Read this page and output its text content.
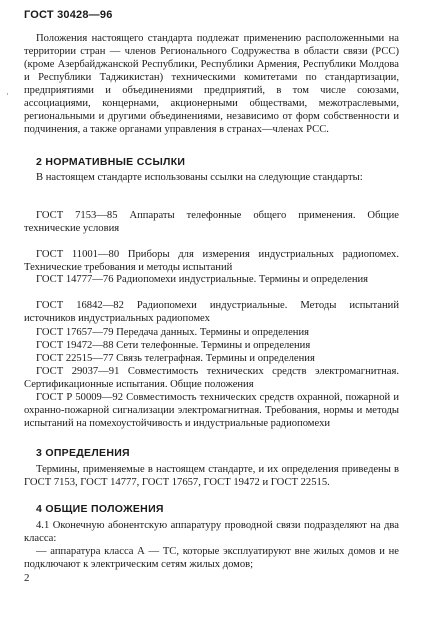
ГОСТ 30428—96
·

Положения настоящего стандарта подлежат применению расположенными на территории стран — членов Регионального Содружества в области связи (РСС) (кроме Азербайджанской Республики, Республики Армения, Республики Молдова и Республики Таджикистан) техническими комитетами по стандартизации, предприятиями и объединениями предприятий, в том числе союзами, ассоциациями, концернами, акционерными обществами, межотраслевыми, региональными и другими объединениями, независимо от форм собственности и подчинения, а также органами управления в странах—членах РСС.

2 НОРМАТИВНЫЕ ССЫЛКИ

В настоящем стандарте использованы ссылки на следующие стандарты:

ГОСТ 7153—85 Аппараты телефонные общего применения. Общие технические условия

ГОСТ 11001—80 Приборы для измерения индустриальных радиопомех. Технические требования и методы испытаний

ГОСТ 14777—76 Радиопомехи индустриальные. Термины и определения

ГОСТ 16842—82 Радиопомехи индустриальные. Методы испытаний источников индустриальных радиопомех

ГОСТ 17657—79 Передача данных. Термины и определения

ГОСТ 19472—88 Сети телефонные. Термины и определения

ГОСТ 22515—77 Связь телеграфная. Термины и определения

ГОСТ 29037—91 Совместимость технических средств электромагнитная. Сертификационные испытания. Общие положения

ГОСТ Р 50009—92 Совместимость технических средств охранной, пожарной и охранно-пожарной сигнализации электромагнитная. Требования, нормы и методы испытаний на помехоустойчивость и индустриальные радиопомехи

3 ОПРЕДЕЛЕНИЯ

Термины, применяемые в настоящем стандарте, и их определения приведены в ГОСТ 7153, ГОСТ 14777, ГОСТ 17657, ГОСТ 19472 и ГОСТ 22515.

4 ОБЩИЕ ПОЛОЖЕНИЯ

4.1 Оконечную абонентскую аппаратуру проводной связи подразделяют на два класса:

— аппаратура класса А — ТС, которые эксплуатируют вне жилых домов и не подключают к электрическим сетям жилых домов;

2
